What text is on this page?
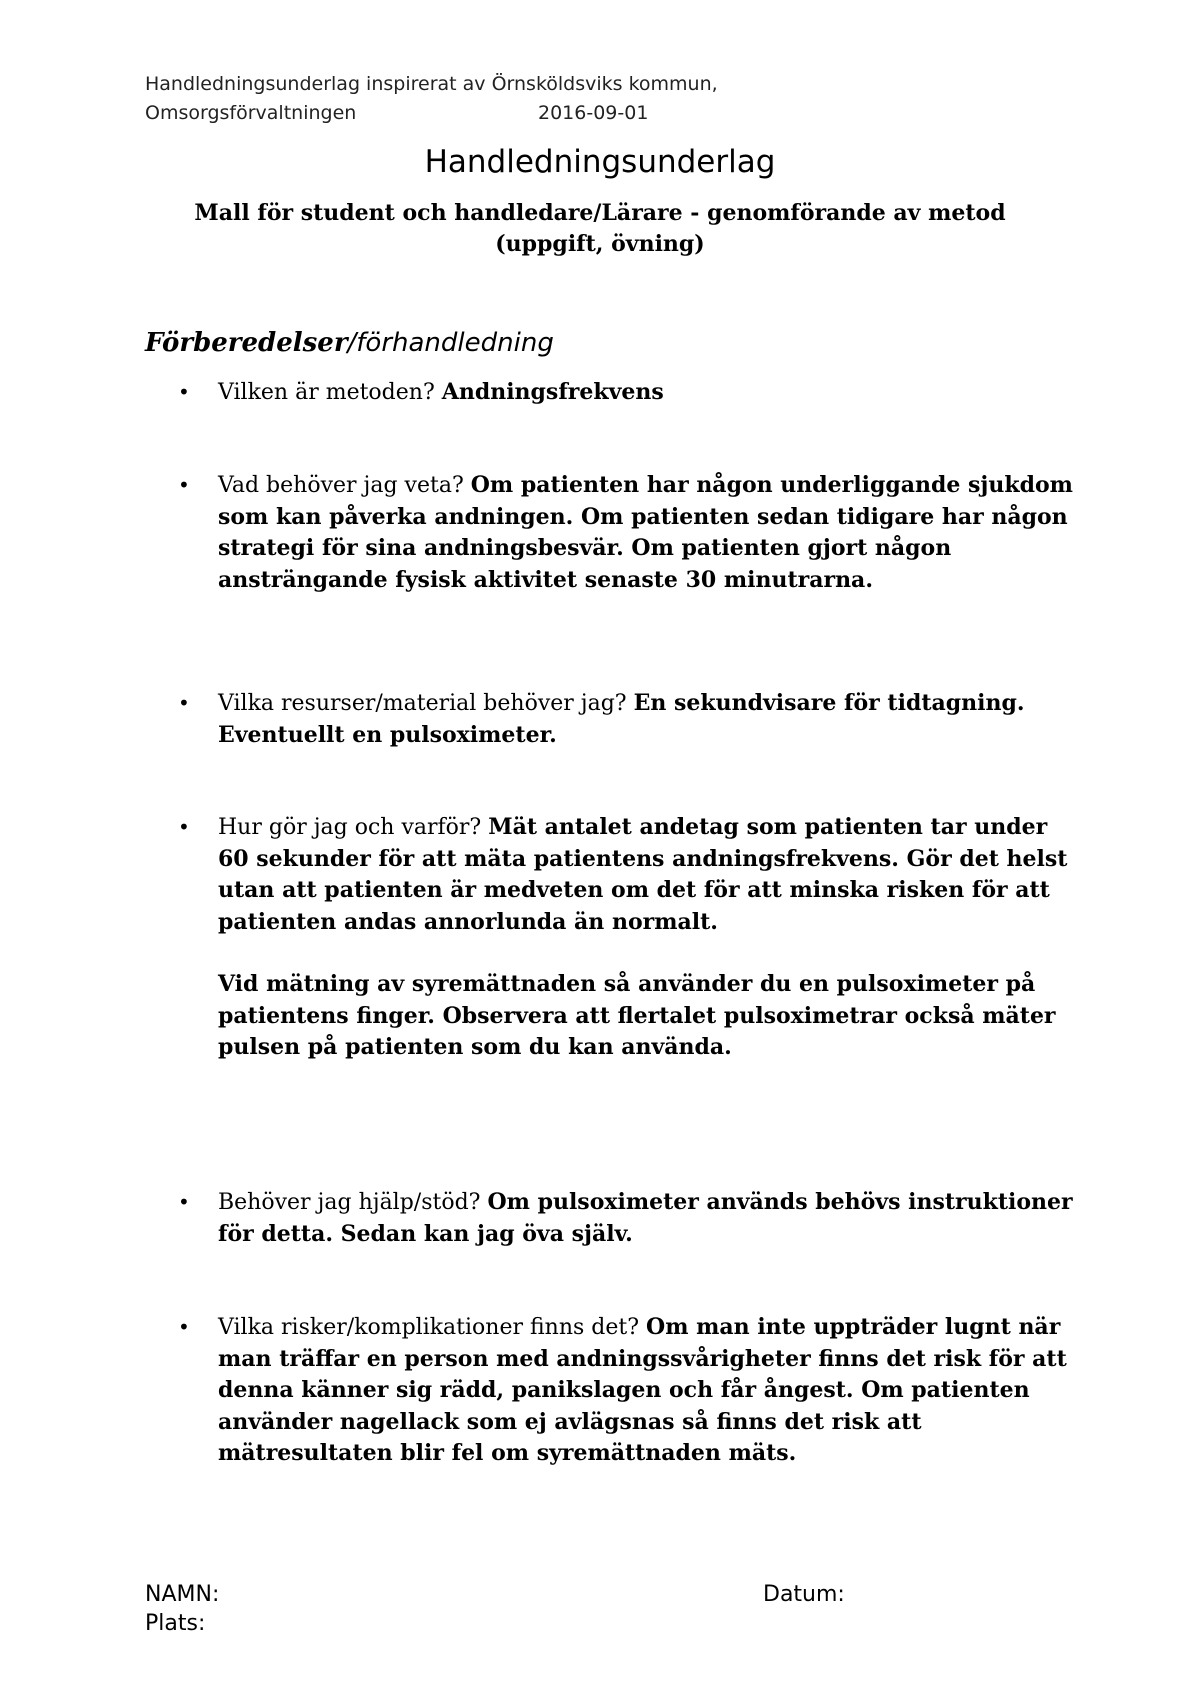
Handledningsunderlag inspirerat av Örnsköldsviks kommun,
Omsorgsförvaltningen	2016-09-01
Handledningsunderlag
Mall för student och handledare/Lärare - genomförande av metod (uppgift, övning)
Förberedelser/förhandledning
• Vilken är metoden? Andningsfrekvens
• Vad behöver jag veta? Om patienten har någon underliggande sjukdom som kan påverka andningen. Om patienten sedan tidigare har någon strategi för sina andningsbesvär. Om patienten gjort någon ansträngande fysisk aktivitet senaste 30 minutrarna.
• Vilka resurser/material behöver jag? En sekundvisare för tidtagning. Eventuellt en pulsoximeter.
• Hur gör jag och varför? Mät antalet andetag som patienten tar under 60 sekunder för att mäta patientens andningsfrekvens. Gör det helst utan att patienten är medveten om det för att minska risken för att patienten andas annorlunda än normalt.
Vid mätning av syremättnaden så använder du en pulsoximeter på patientens finger. Observera att flertalet pulsoximetrar också mäter pulsen på patienten som du kan använda.
• Behöver jag hjälp/stöd? Om pulsoximeter används behövs instruktioner för detta. Sedan kan jag öva själv.
• Vilka risker/komplikationer finns det? Om man inte uppträder lugnt när man träffar en person med andningssvårigheter finns det risk för att denna känner sig rädd, panikslagen och får ångest. Om patienten använder nagellack som ej avlägsnas så finns det risk att mätresultaten blir fel om syremättnaden mäts.
NAMN:	Datum:
Plats:
